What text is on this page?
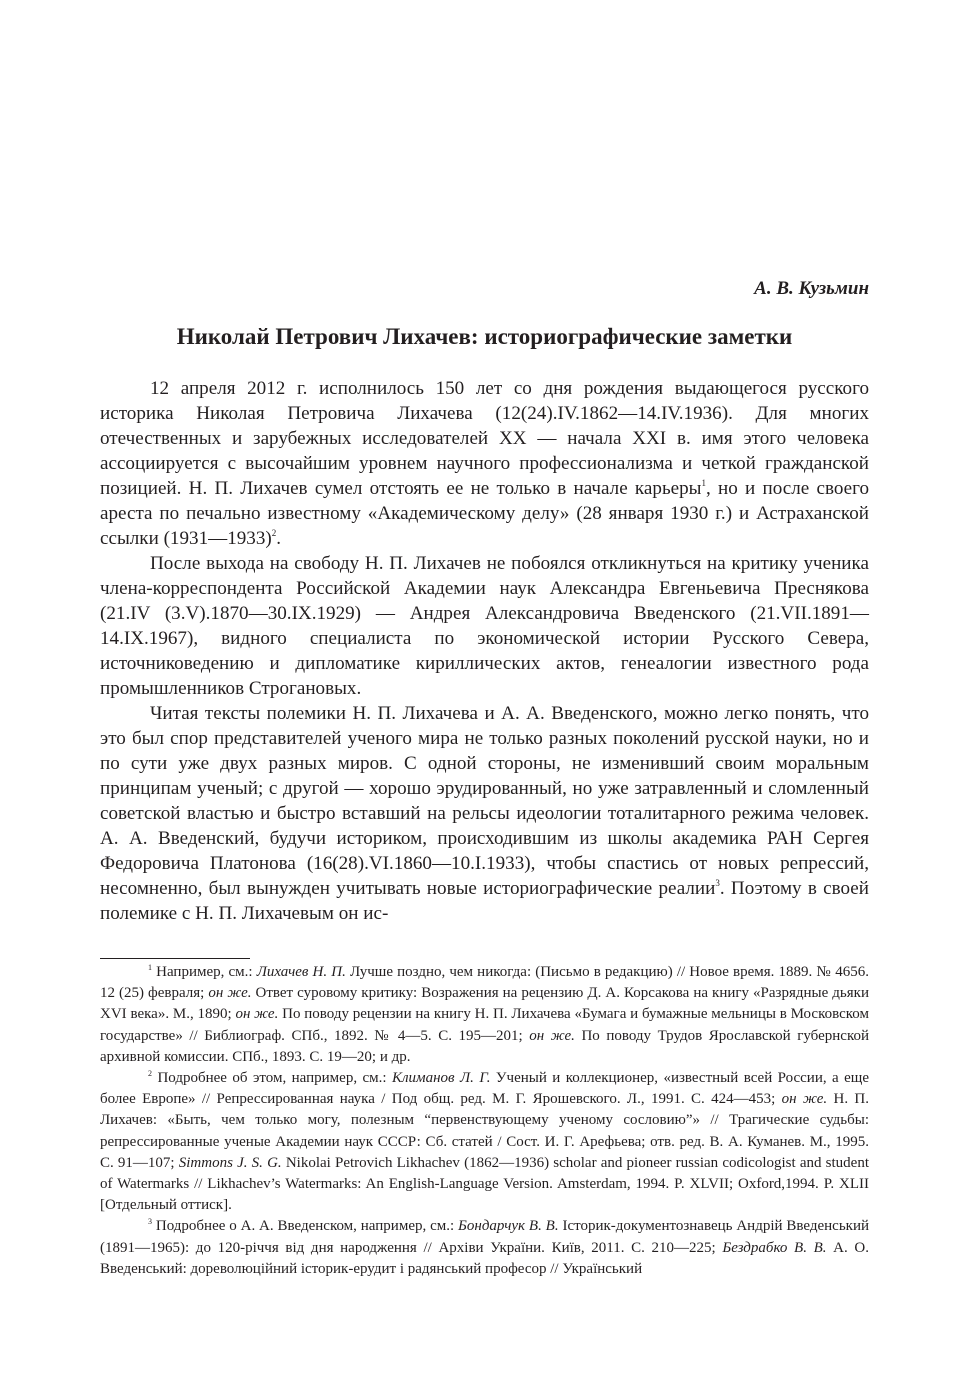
А. В. Кузьмин
Николай Петрович Лихачев: историографические заметки

12 апреля 2012 г. исполнилось 150 лет со дня рождения выдающегося русского историка Николая Петровича Лихачева (12(24).IV.1862—14.IV.1936). Для многих отечественных и зарубежных исследователей XX — начала XXI в. имя этого человека ассоциируется с высочайшим уровнем научного профессионализма и четкой гражданской позицией. Н. П. Лихачев сумел отстоять ее не только в начале карьеры$^1$, но и после своего ареста по печально известному «Академическому делу» (28 января 1930 г.) и Астраханской ссылки (1931—1933)$^2$.

После выхода на свободу Н. П. Лихачев не побоялся откликнуться на критику ученика члена-корреспондента Российской Академии наук Александра Евгеньевича Преснякова (21.IV (3.V).1870—30.IX.1929) — Андрея Александровича Введенского (21.VII.1891—14.IX.1967), видного специалиста по экономической истории Русского Севера, источниковедению и дипломатике кириллических актов, генеалогии известного рода промышленников Строгановых.

Читая тексты полемики Н. П. Лихачева и А. А. Введенского, можно легко понять, что это был спор представителей ученого мира не только разных поколений русской науки, но и по сути уже двух разных миров. С одной стороны, не изменивший своим моральным принципам ученый; с другой — хорошо эрудированный, но уже затравленный и сломленный советской властью и быстро вставший на рельсы идеологии тоталитарного режима человек. А. А. Введенский, будучи историком, происходившим из школы академика РАН Сергея Федоровича Платонова (16(28).VI.1860—10.I.1933), чтобы спастись от новых репрессий, несомненно, был вынужден учитывать новые историографические реалии$^3$. Поэтому в своей полемике с Н. П. Лихачевым он ис-

$^1$ Например, см.: Лихачев Н. П. Лучше поздно, чем никогда: (Письмо в редакцию) // Новое время. 1889. № 4656. 12 (25) февраля; он же. Ответ суровому критику: Возражения на рецензию Д. А. Корсакова на книгу «Разрядные дьяки XVI века». М., 1890; он же. По поводу рецензии на книгу Н. П. Лихачева «Бумага и бумажные мельницы в Московском государстве» // Библиограф. СПб., 1892. № 4—5. С. 195—201; он же. По поводу Трудов Ярославской губернской архивной комиссии. СПб., 1893. С. 19—20; и др.

$^2$ Подробнее об этом, например, см.: Климанов Л. Г. Ученый и коллекционер, «известный всей России, а еще более Европе» // Репрессированная наука / Под общ. ред. М. Г. Ярошевского. Л., 1991. С. 424—453; он же. Н. П. Лихачев: «Быть, чем только могу, полезным “первенствующему ученому сословию”» // Трагические судьбы: репрессированные ученые Академии наук СССР: Сб. статей / Сост. И. Г. Арефьева; отв. ред. В. А. Куманев. М., 1995. С. 91—107; Simmons J. S. G. Nikolai Petrovich Likhachev (1862—1936) scholar and pioneer russian codicologist and student of Watermarks // Likhachev’s Watermarks: An English-Language Version. Amsterdam, 1994. P. XLVII; Oxford,1994. P. XLII [Отдельный оттиск].

$^3$ Подробнее о А. А. Введенском, например, см.: Бондарчук В. В. Історик-документознавець Андрій Введенський (1891—1965): до 120-річчя від дня народження // Архіви України. Київ, 2011. С. 210—225; Бездрабко В. В. А. О. Введенський: дореволюційний історик-ерудит і радянський професор // Український
